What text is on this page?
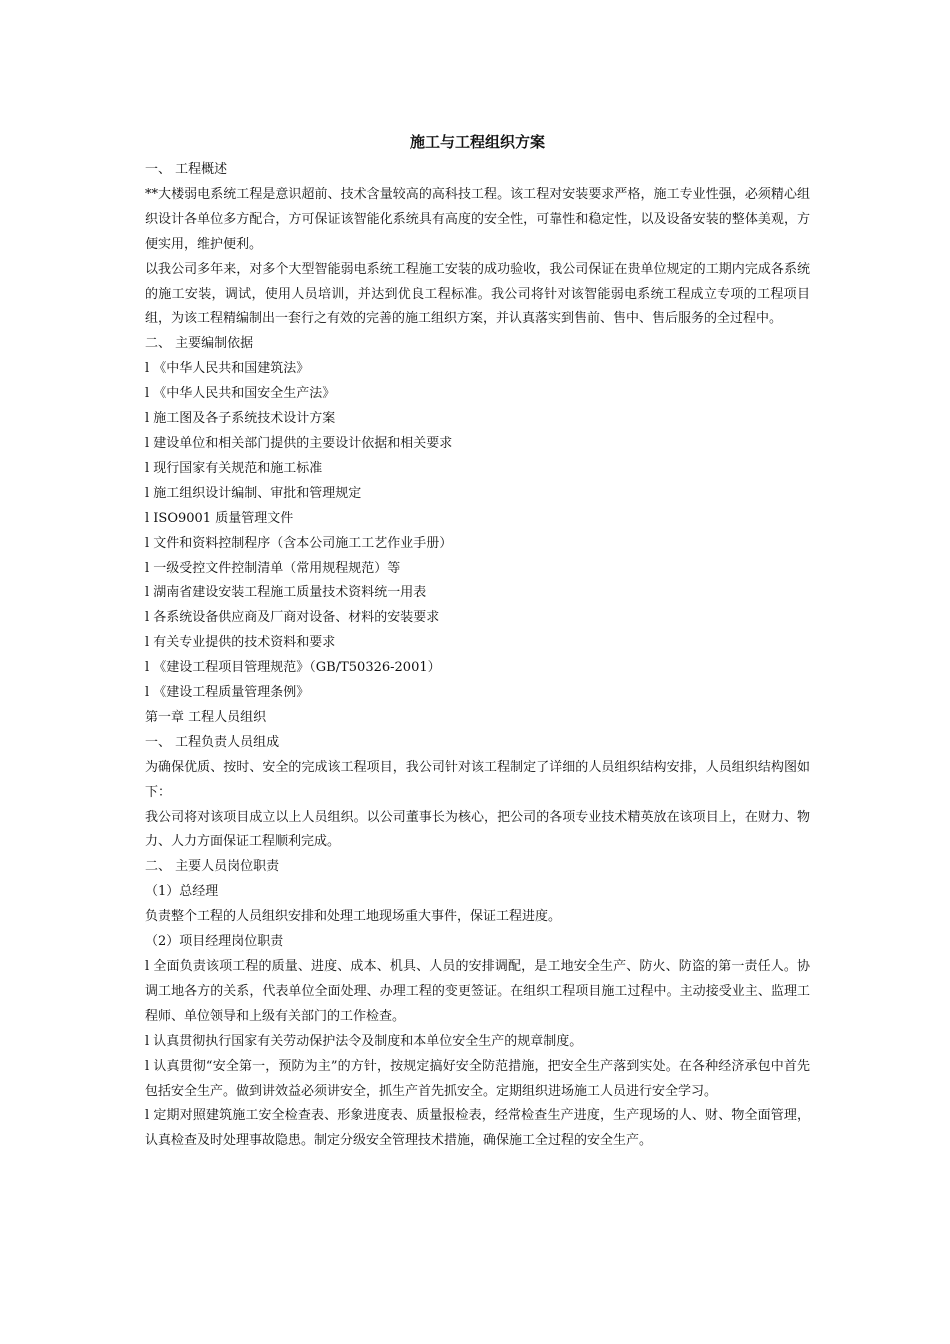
施工与工程组织方案

一、 工程概述

**大楼弱电系统工程是意识超前、技术含量较高的高科技工程。该工程对安装要求严格，施工专业性强，必须精心组织设计各单位多方配合，方可保证该智能化系统具有高度的安全性，可靠性和稳定性，以及设备安装的整体美观，方便实用，维护便利。

以我公司多年来，对多个大型智能弱电系统工程施工安装的成功验收，我公司保证在贵单位规定的工期内完成各系统的施工安装，调试，使用人员培训，并达到优良工程标准。我公司将针对该智能弱电系统工程成立专项的工程项目组，为该工程精编制出一套行之有效的完善的施工组织方案，并认真落实到售前、售中、售后服务的全过程中。

二、 主要编制依据

l 《中华人民共和国建筑法》

l 《中华人民共和国安全生产法》

l 施工图及各子系统技术设计方案

l 建设单位和相关部门提供的主要设计依据和相关要求

l 现行国家有关规范和施工标准

l 施工组织设计编制、审批和管理规定

l ISO9001 质量管理文件

l 文件和资料控制程序（含本公司施工工艺作业手册）

l 一级受控文件控制清单（常用规程规范）等

l 湖南省建设安装工程施工质量技术资料统一用表

l 各系统设备供应商及厂商对设备、材料的安装要求

l 有关专业提供的技术资料和要求

l 《建设工程项目管理规范》（GB/T50326-2001）

l 《建设工程质量管理条例》

第一章 工程人员组织

一、 工程负责人员组成

为确保优质、按时、安全的完成该工程项目，我公司针对该工程制定了详细的人员组织结构安排，人员组织结构图如下：

我公司将对该项目成立以上人员组织。以公司董事长为核心，把公司的各项专业技术精英放在该项目上，在财力、物力、人力方面保证工程顺利完成。

二、 主要人员岗位职责

（1）总经理

负责整个工程的人员组织安排和处理工地现场重大事件，保证工程进度。

（2）项目经理岗位职责

l 全面负责该项工程的质量、进度、成本、机具、人员的安排调配，是工地安全生产、防火、防盗的第一责任人。协调工地各方的关系，代表单位全面处理、办理工程的变更签证。在组织工程项目施工过程中。主动接受业主、监理工程师、单位领导和上级有关部门的工作检查。

l 认真贯彻执行国家有关劳动保护法令及制度和本单位安全生产的规章制度。

l 认真贯彻“安全第一，预防为主”的方针，按规定搞好安全防范措施，把安全生产落到实处。在各种经济承包中首先包括安全生产。做到讲效益必须讲安全，抓生产首先抓安全。定期组织进场施工人员进行安全学习。

l 定期对照建筑施工安全检查表、形象进度表、质量报检表，经常检查生产进度，生产现场的人、财、物全面管理，认真检查及时处理事故隐患。制定分级安全管理技术措施，确保施工全过程的安全生产。
